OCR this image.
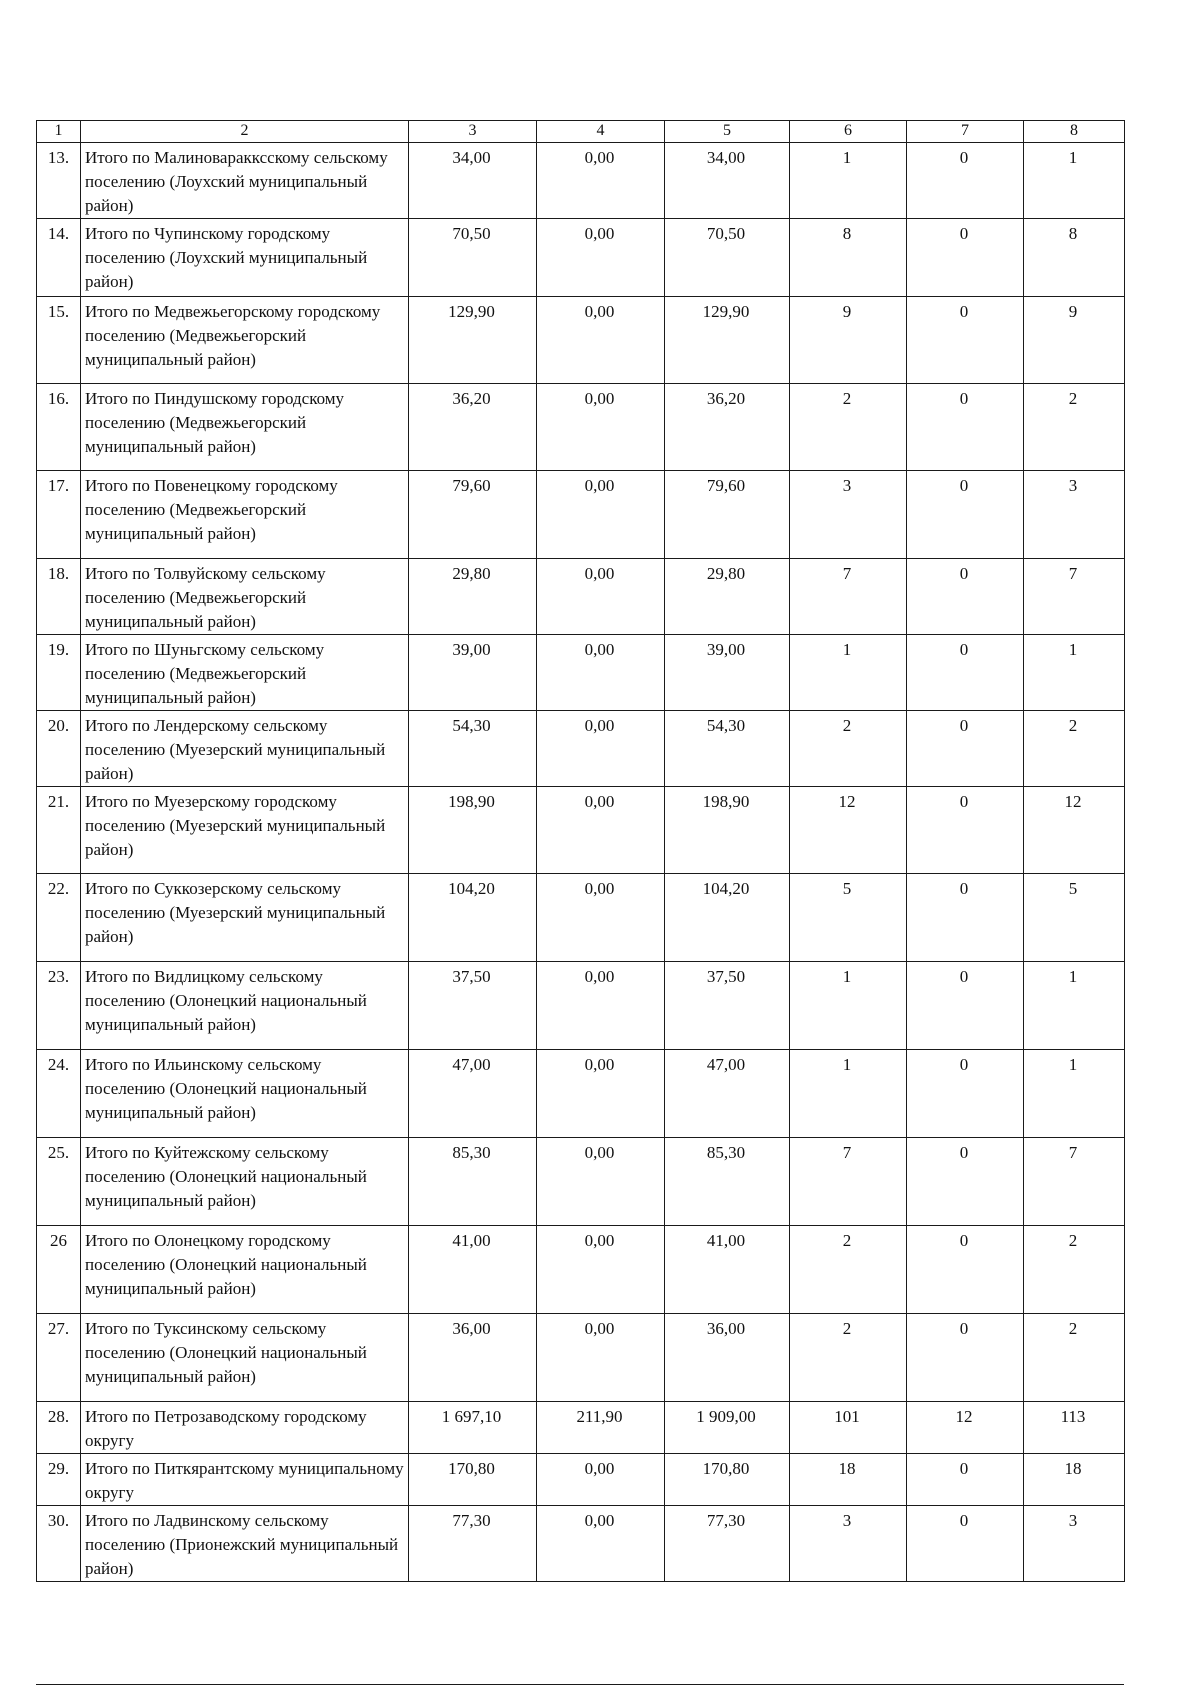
1	2	3	4	5	6	7	8
13.	Итого по Малиноваракксскому сельскому поселению (Лоухский муниципальный район)	34,00	0,00	34,00	1	0	1
14.	Итого по Чупинскому городскому поселению (Лоухский муниципальный район)	70,50	0,00	70,50	8	0	8
15.	Итого по Медвежьегорскому городскому поселению (Медвежьегорский муниципальный район)	129,90	0,00	129,90	9	0	9
16.	Итого по Пиндушскому городскому поселению (Медвежьегорский муниципальный район)	36,20	0,00	36,20	2	0	2
17.	Итого по Повенецкому городскому поселению (Медвежьегорский муниципальный район)	79,60	0,00	79,60	3	0	3
18.	Итого по Толвуйскому сельскому поселению (Медвежьегорский муниципальный район)	29,80	0,00	29,80	7	0	7
19.	Итого по Шуньгскому сельскому поселению (Медвежьегорский муниципальный район)	39,00	0,00	39,00	1	0	1
20.	Итого по Лендерскому сельскому поселению (Муезерский муниципальный район)	54,30	0,00	54,30	2	0	2
21.	Итого по Муезерскому городскому поселению (Муезерский муниципальный район)	198,90	0,00	198,90	12	0	12
22.	Итого по Суккозерскому сельскому поселению (Муезерский муниципальный район)	104,20	0,00	104,20	5	0	5
23.	Итого по Видлицкому сельскому поселению (Олонецкий национальный муниципальный район)	37,50	0,00	37,50	1	0	1
24.	Итого по Ильинскому сельскому поселению (Олонецкий национальный муниципальный район)	47,00	0,00	47,00	1	0	1
25.	Итого по Куйтежскому сельскому поселению (Олонецкий национальный муниципальный район)	85,30	0,00	85,30	7	0	7
26	Итого по Олонецкому городскому поселению (Олонецкий национальный муниципальный район)	41,00	0,00	41,00	2	0	2
27.	Итого по Туксинскому сельскому поселению (Олонецкий национальный муниципальный район)	36,00	0,00	36,00	2	0	2
28.	Итого по Петрозаводскому городскому округу	1 697,10	211,90	1 909,00	101	12	113
29.	Итого по Питкярантскому муниципальному округу	170,80	0,00	170,80	18	0	18
30.	Итого по Ладвинскому сельскому поселению (Прионежский муниципальный район)	77,30	0,00	77,30	3	0	3
